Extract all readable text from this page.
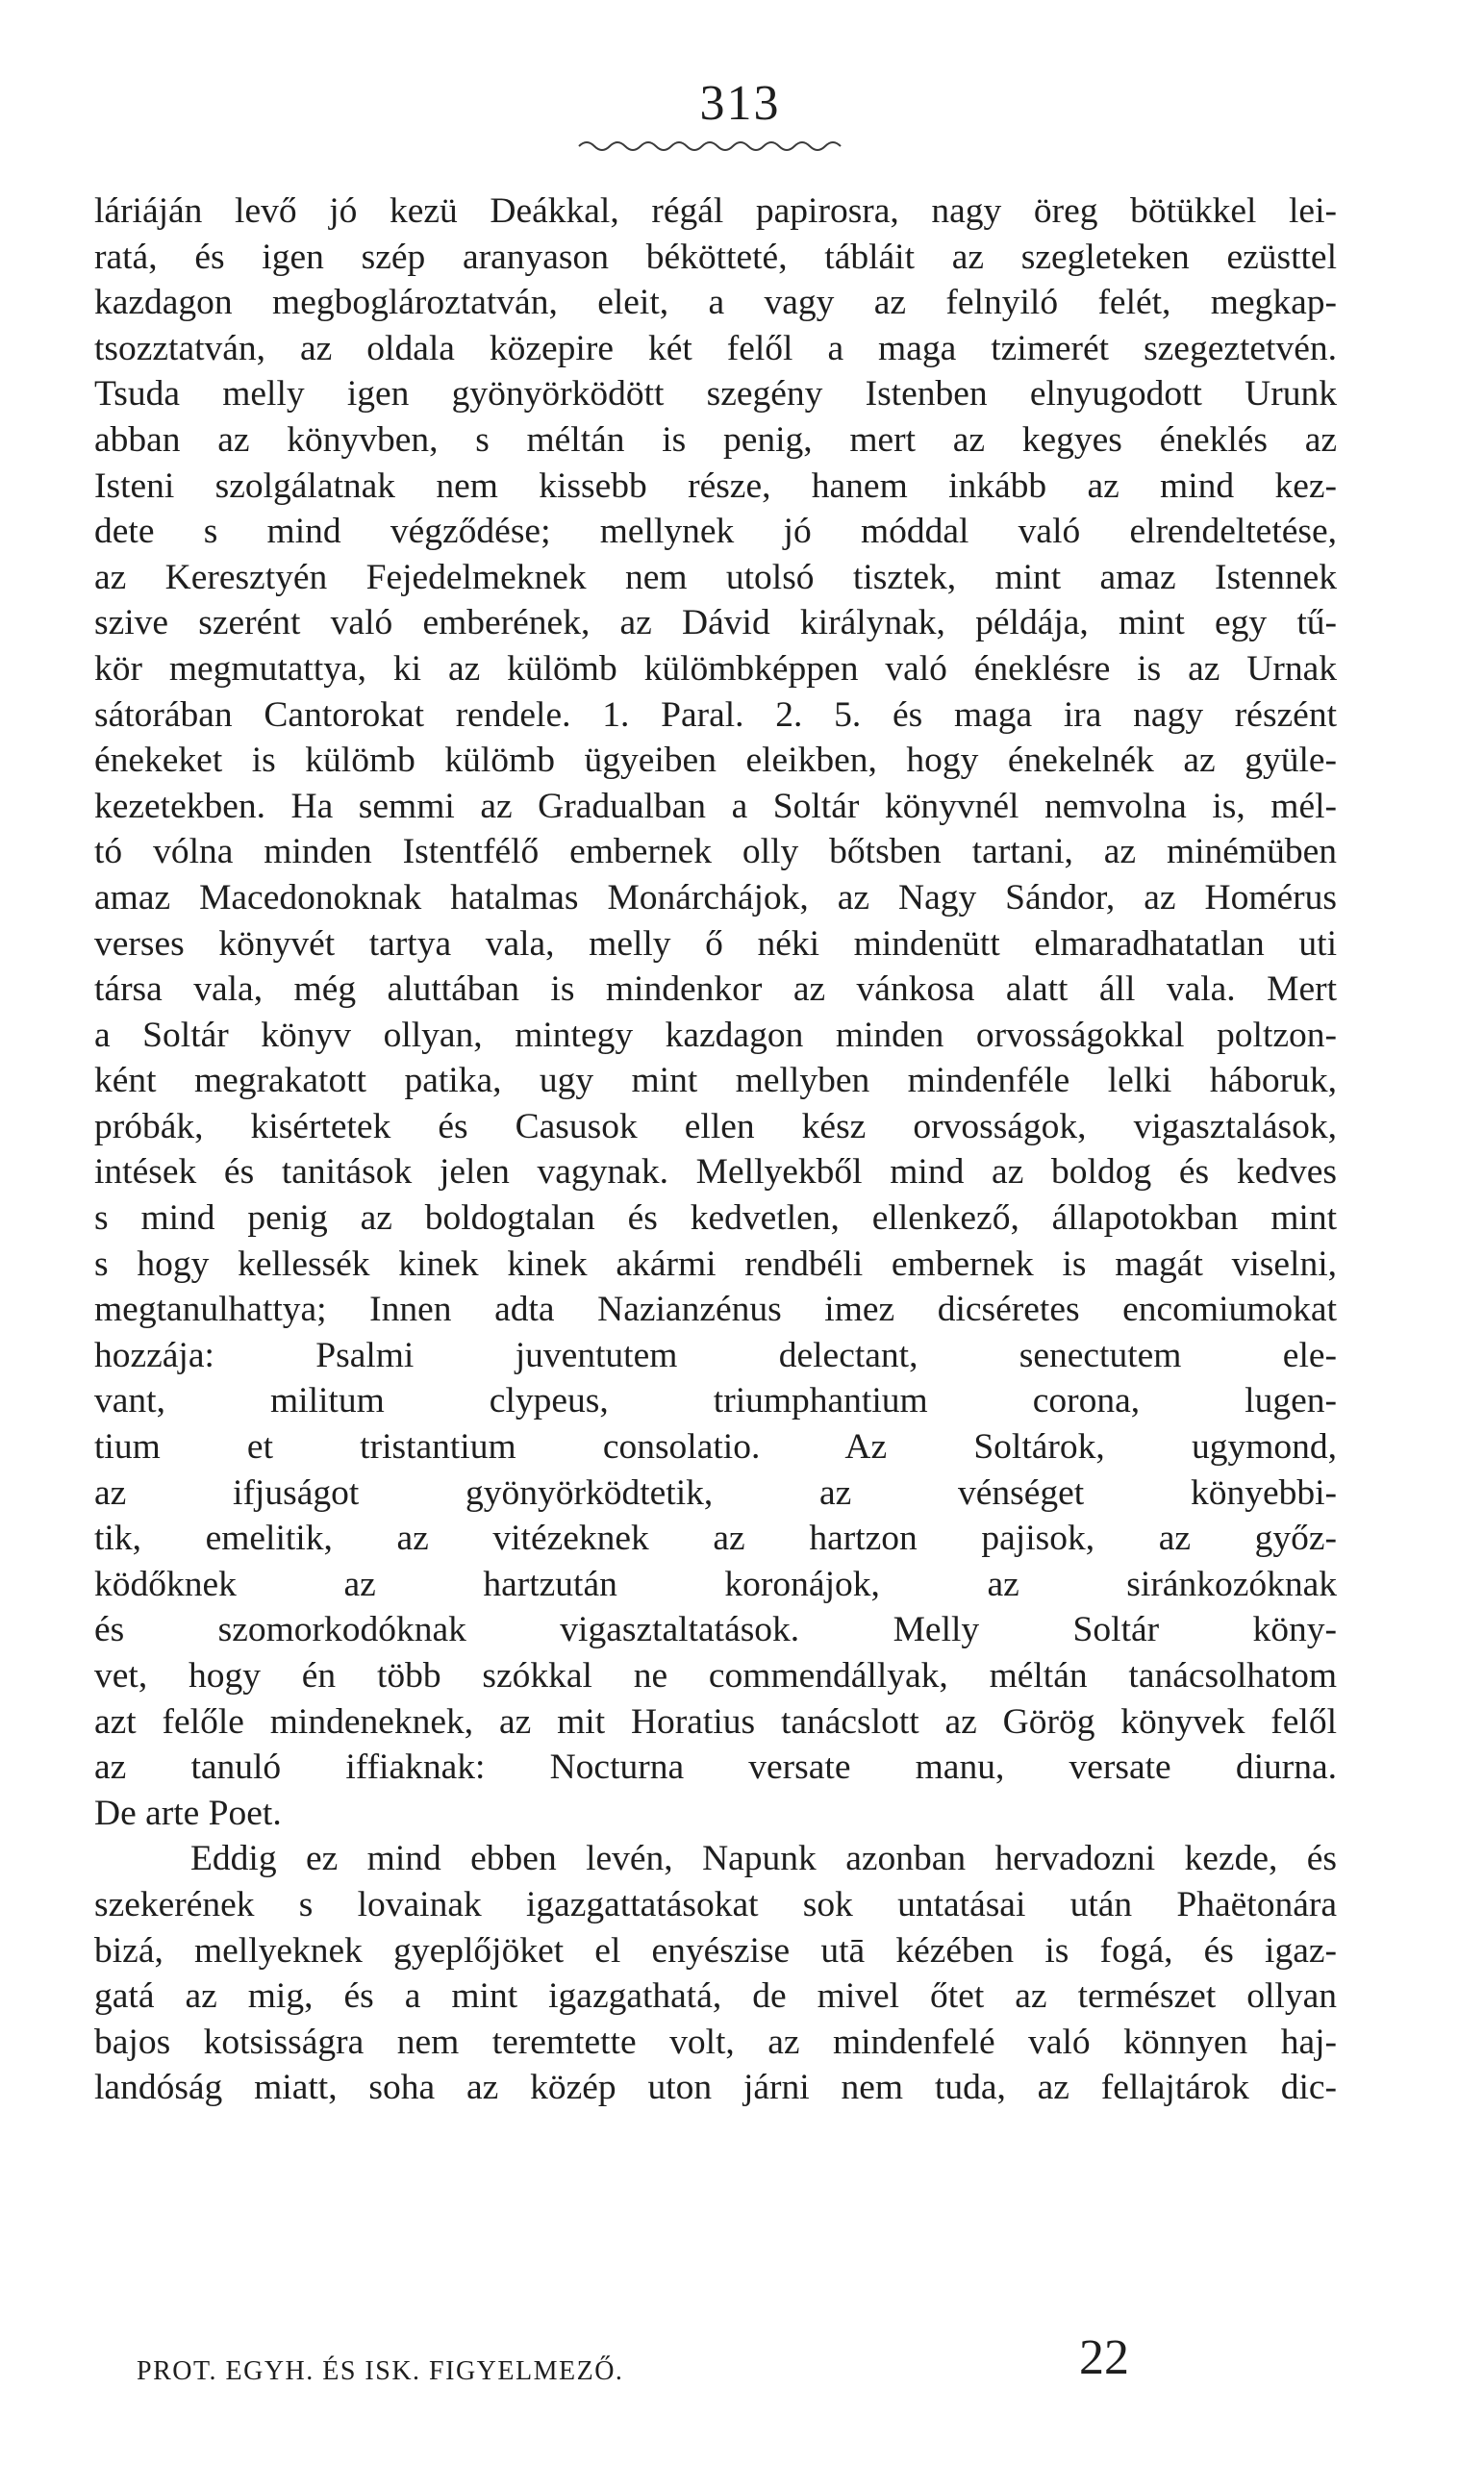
313
láriáján levő jó kezü Deákkal, régál papirosra, nagy öreg bötükkel lei-
ratá, és igen szép aranyason békötteté, tábláit az szegleteken ezüsttel
kazdagon megboglároztatván, eleit, a vagy az felnyiló felét, megkap-
tsozztatván, az oldala közepire két felől a maga tzimerét szegeztetvén.
Tsuda melly igen gyönyörködött szegény Istenben elnyugodott Urunk
abban az könyvben, s méltán is penig, mert az kegyes éneklés az
Isteni szolgálatnak nem kissebb része, hanem inkább az mind kez-
dete s mind végződése; mellynek jó móddal való elrendeltetése,
az Keresztyén Fejedelmeknek nem utolsó tisztek, mint amaz Istennek
szive szerént való emberének, az Dávid királynak, példája, mint egy tű-
kör megmutattya, ki az külömb külömbképpen való éneklésre is az Urnak
sátorában Cantorokat rendele. 1. Paral. 2. 5. és maga ira nagy részént
énekeket is külömb külömb ügyeiben eleikben, hogy énekelnék az gyüle-
kezetekben. Ha semmi az Gradualban a Soltár könyvnél nemvolna is, mél-
tó vólna minden Istentfélő embernek olly bőtsben tartani, az minémüben
amaz Macedonoknak hatalmas Monárchájok, az Nagy Sándor, az Homérus
verses könyvét tartya vala, melly ő néki mindenütt elmaradhatatlan uti
társa vala, még aluttában is mindenkor az vánkosa alatt áll vala. Mert
a Soltár könyv ollyan, mintegy kazdagon minden orvosságokkal poltzon-
ként megrakatott patika, ugy mint mellyben mindenféle lelki háboruk,
próbák, kisértetek és Casusok ellen kész orvosságok, vigasztalások,
intések és tanitások jelen vagynak. Mellyekből mind az boldog és kedves
s mind penig az boldogtalan és kedvetlen, ellenkező, állapotokban mint
s hogy kellessék kinek kinek akármi rendbéli embernek is magát viselni,
megtanulhattya; Innen adta Nazianzénus imez dicséretes encomiumokat
hozzája: Psalmi juventutem delectant, senectutem ele-
vant, militum clypeus, triumphantium corona, lugen-
tium et tristantium consolatio. Az Soltárok, ugymond,
az ifjuságot gyönyörködtetik, az vénséget könyebbi-
tik, emelitik, az vitézeknek az hartzon pajisok, az győz-
ködőknek az hartzután koronájok, az siránkozóknak
és szomorkodóknak vigasztaltatások. Melly Soltár köny-
vet, hogy én több szókkal ne commendállyak, méltán tanácsolhatom
azt felőle mindeneknek, az mit Horatius tanácslott az Görög könyvek felől
az tanuló iffiaknak: Nocturna versate manu, versate diurna.
De arte Poet.
Eddig ez mind ebben levén, Napunk azonban hervadozni kezde, és
szekerének s lovainak igazgattatásokat sok untatásai után Phaëtonára
bizá, mellyeknek gyeplőjöket el enyészise utā kézében is fogá, és igaz-
gatá az mig, és a mint igazgathatá, de mivel őtet az természet ollyan
bajos kotsisságra nem teremtette volt, az mindenfelé való könnyen haj-
landóság miatt, soha az közép uton járni nem tuda, az fellajtárok dic-
PROT. EGYH. ÉS ISK. FIGYELMEZŐ.	22
